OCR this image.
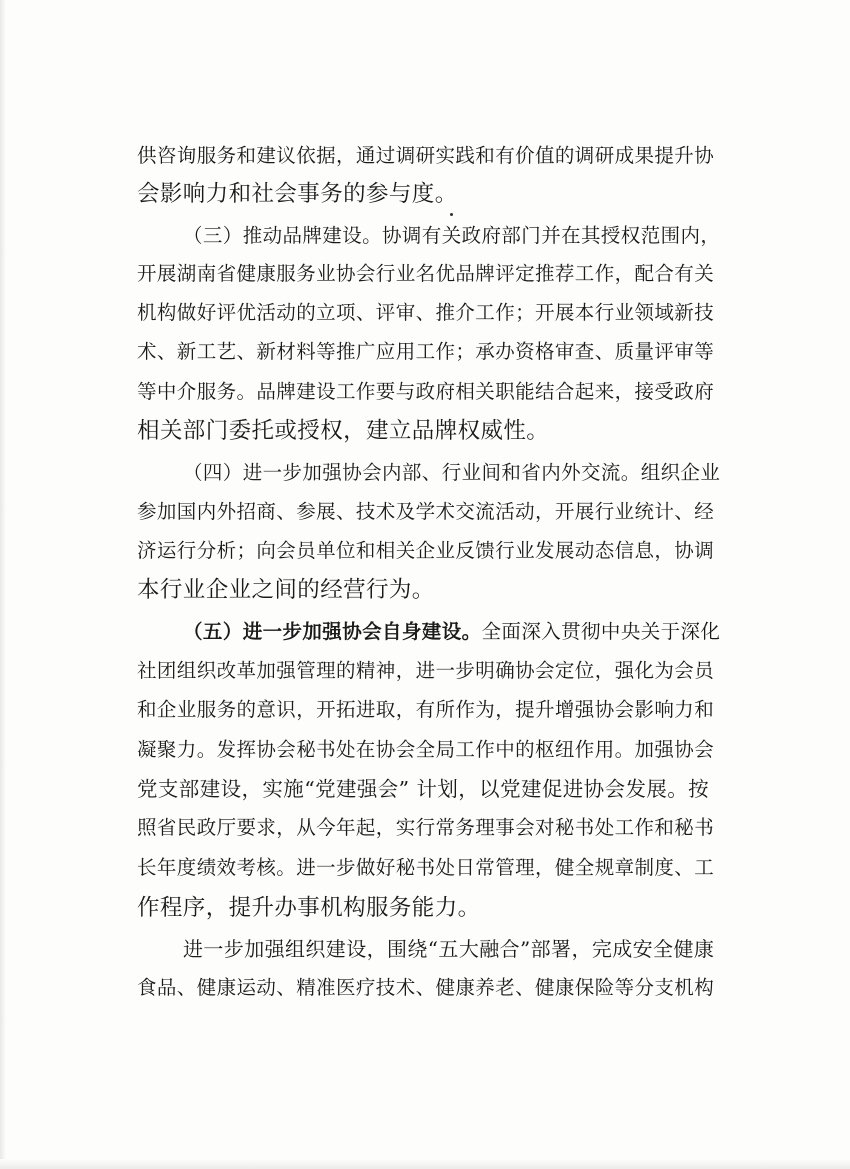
供咨询服务和建议依据，通过调研实践和有价值的调研成果提升协
会影响力和社会事务的参与度。
（三）推动品牌建设。协调有关政府部门并在其授权范围内，
开展湖南省健康服务业协会行业名优品牌评定推荐工作，配合有关
机构做好评优活动的立项、评审、推介工作；开展本行业领域新技
术、新工艺、新材料等推广应用工作；承办资格审查、质量评审等
等中介服务。品牌建设工作要与政府相关职能结合起来，接受政府
相关部门委托或授权，建立品牌权威性。
（四）进一步加强协会内部、行业间和省内外交流。组织企业
参加国内外招商、参展、技术及学术交流活动，开展行业统计、经
济运行分析；向会员单位和相关企业反馈行业发展动态信息，协调
本行业企业之间的经营行为。
（五）进一步加强协会自身建设。全面深入贯彻中央关于深化
社团组织改革加强管理的精神，进一步明确协会定位，强化为会员
和企业服务的意识，开拓进取，有所作为，提升增强协会影响力和
凝聚力。发挥协会秘书处在协会全局工作中的枢纽作用。加强协会
党支部建设，实施“党建强会” 计划，以党建促进协会发展。按
照省民政厅要求，从今年起，实行常务理事会对秘书处工作和秘书
长年度绩效考核。进一步做好秘书处日常管理，健全规章制度、工
作程序，提升办事机构服务能力。
进一步加强组织建设，围绕“五大融合”部署，完成安全健康
食品、健康运动、精准医疗技术、健康养老、健康保险等分支机构
